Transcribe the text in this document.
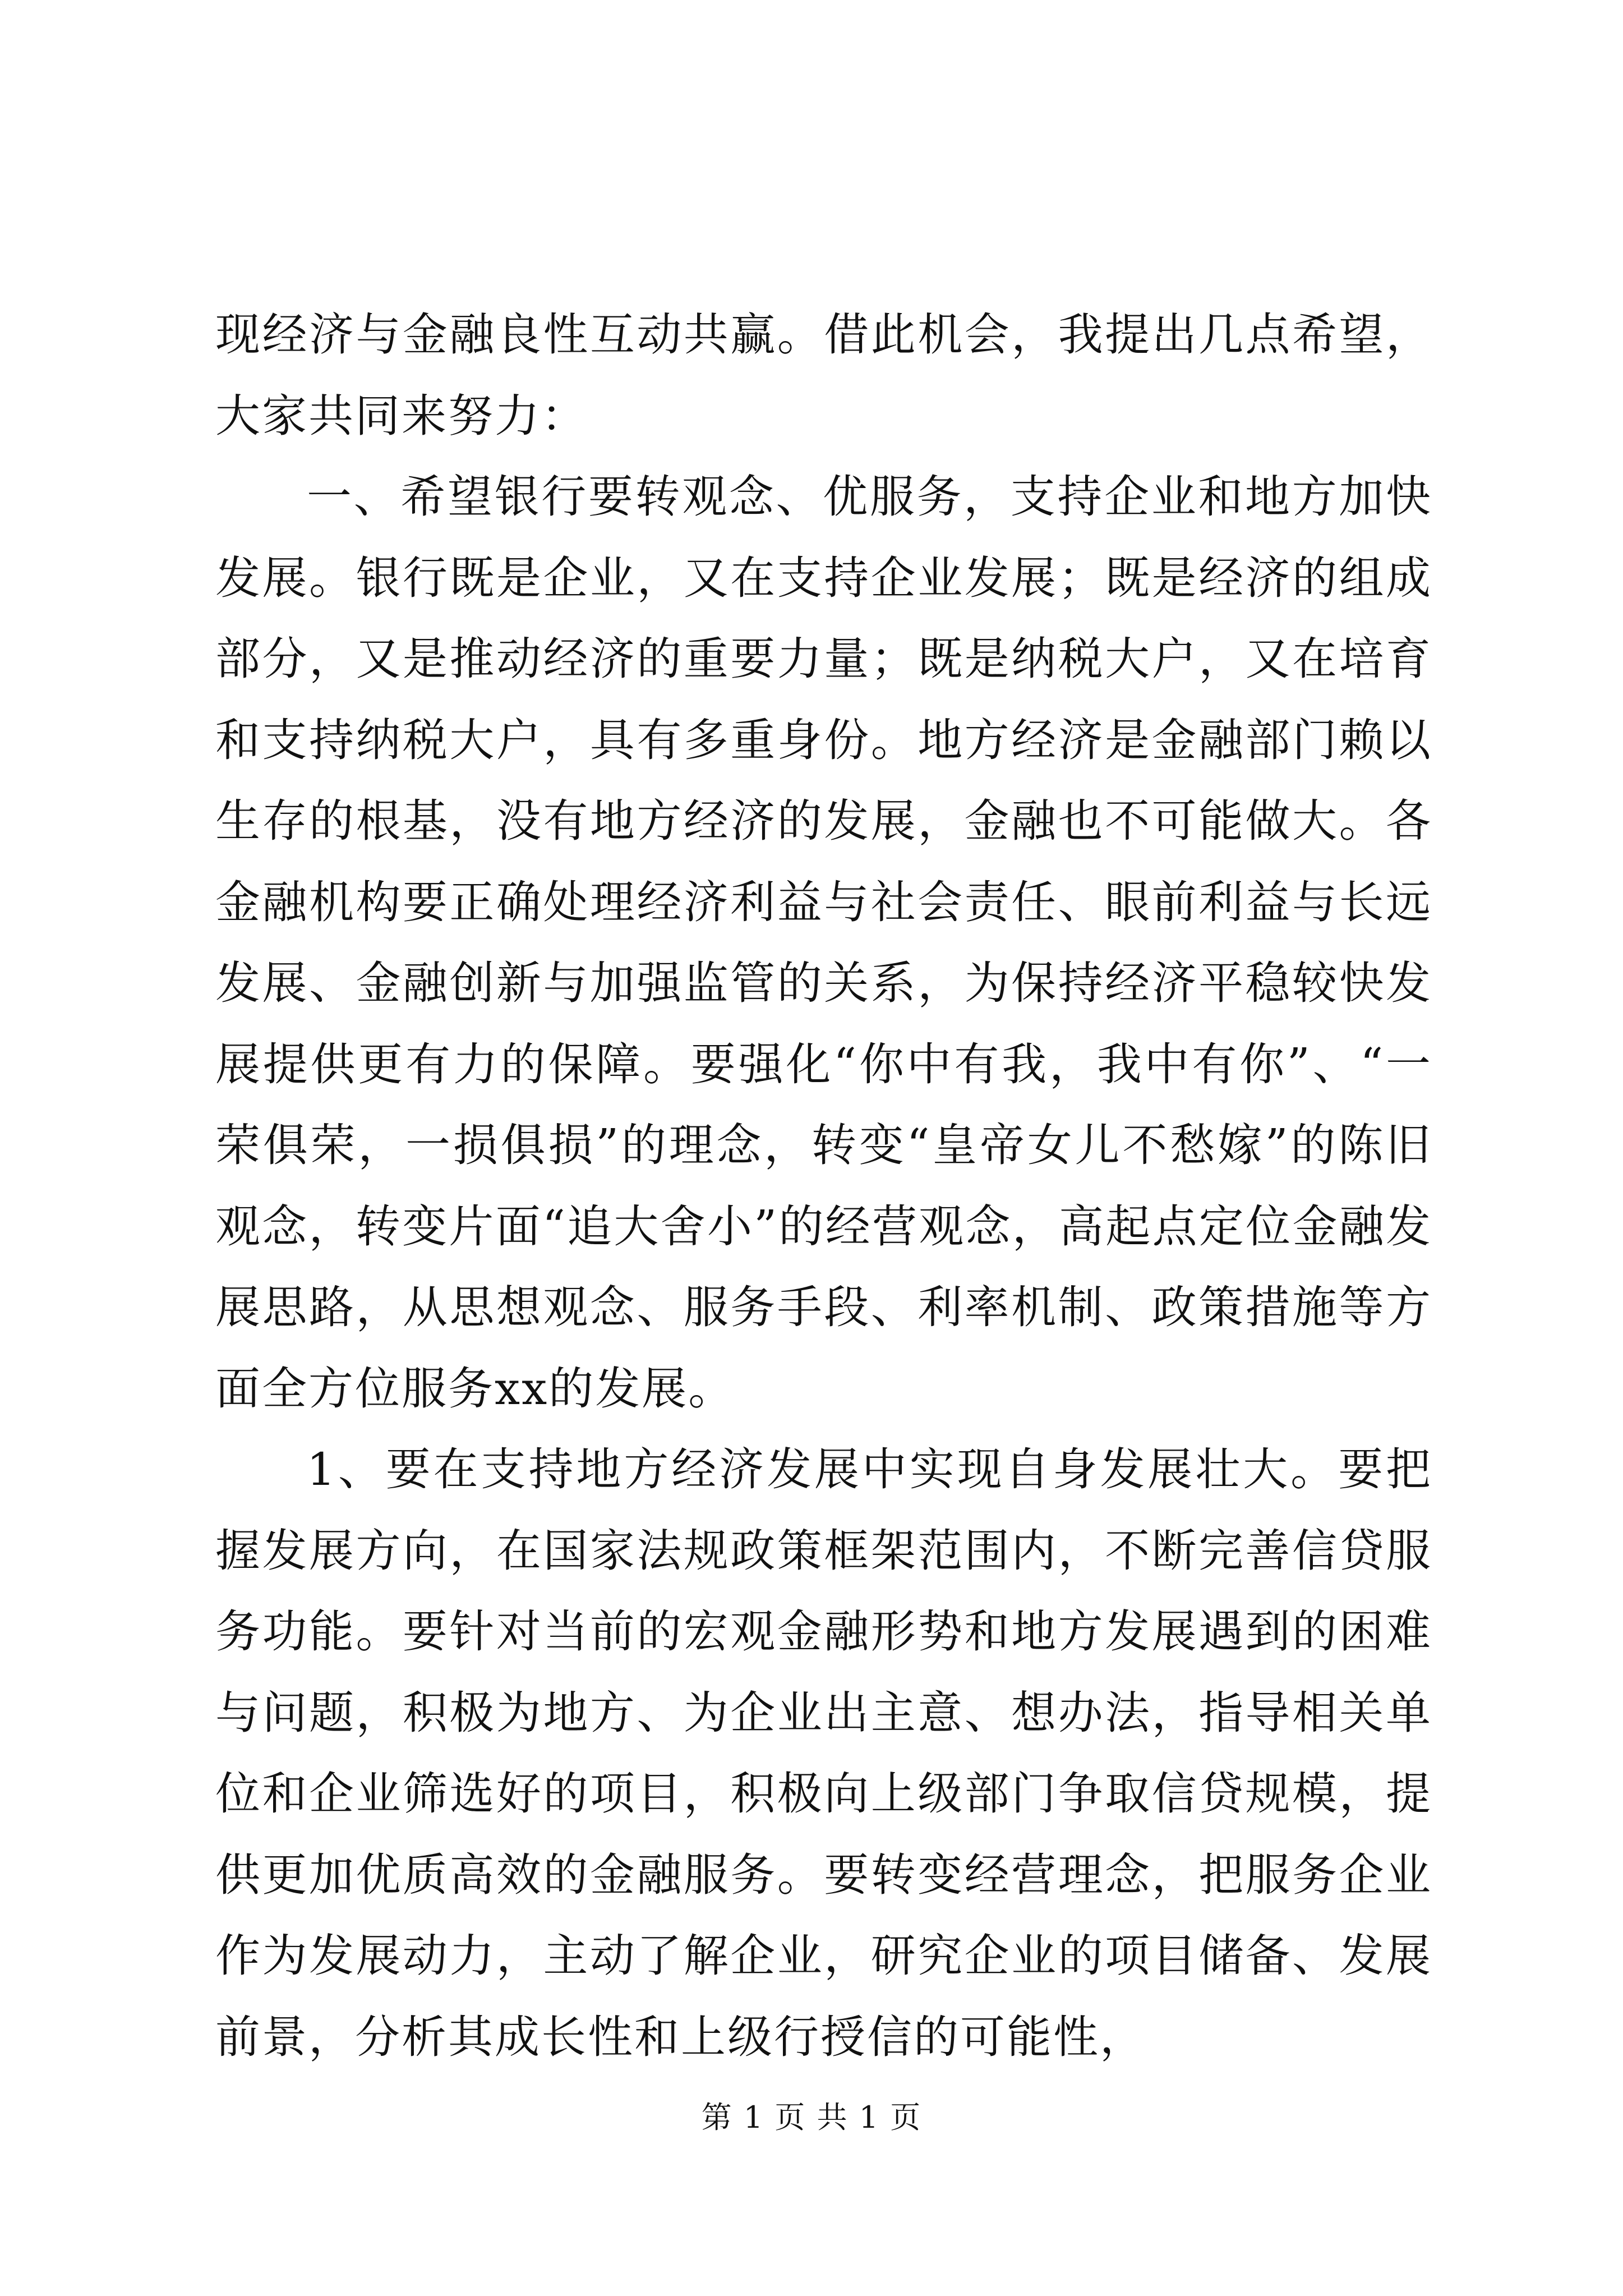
现经济与金融良性互动共赢。借此机会，我提出几点希望，大家共同来努力：

一、希望银行要转观念、优服务，支持企业和地方加快发展。银行既是企业，又在支持企业发展；既是经济的组成部分，又是推动经济的重要力量；既是纳税大户，又在培育和支持纳税大户，具有多重身份。地方经济是金融部门赖以生存的根基，没有地方经济的发展，金融也不可能做大。各金融机构要正确处理经济利益与社会责任、眼前利益与长远发展、金融创新与加强监管的关系，为保持经济平稳较快发展提供更有力的保障。要强化“你中有我，我中有你”、“一荣俱荣，一损俱损”的理念，转变“皇帝女儿不愁嫁”的陈旧观念，转变片面“追大舍小”的经营观念，高起点定位金融发展思路，从思想观念、服务手段、利率机制、政策措施等方面全方位服务xx的发展。

1、要在支持地方经济发展中实现自身发展壮大。要把握发展方向，在国家法规政策框架范围内，不断完善信贷服务功能。要针对当前的宏观金融形势和地方发展遇到的困难与问题，积极为地方、为企业出主意、想办法，指导相关单位和企业筛选好的项目，积极向上级部门争取信贷规模，提供更加优质高效的金融服务。要转变经营理念，把服务企业作为发展动力，主动了解企业，研究企业的项目储备、发展前景，分析其成长性和上级行授信的可能性，

第 1 页 共 1 页
